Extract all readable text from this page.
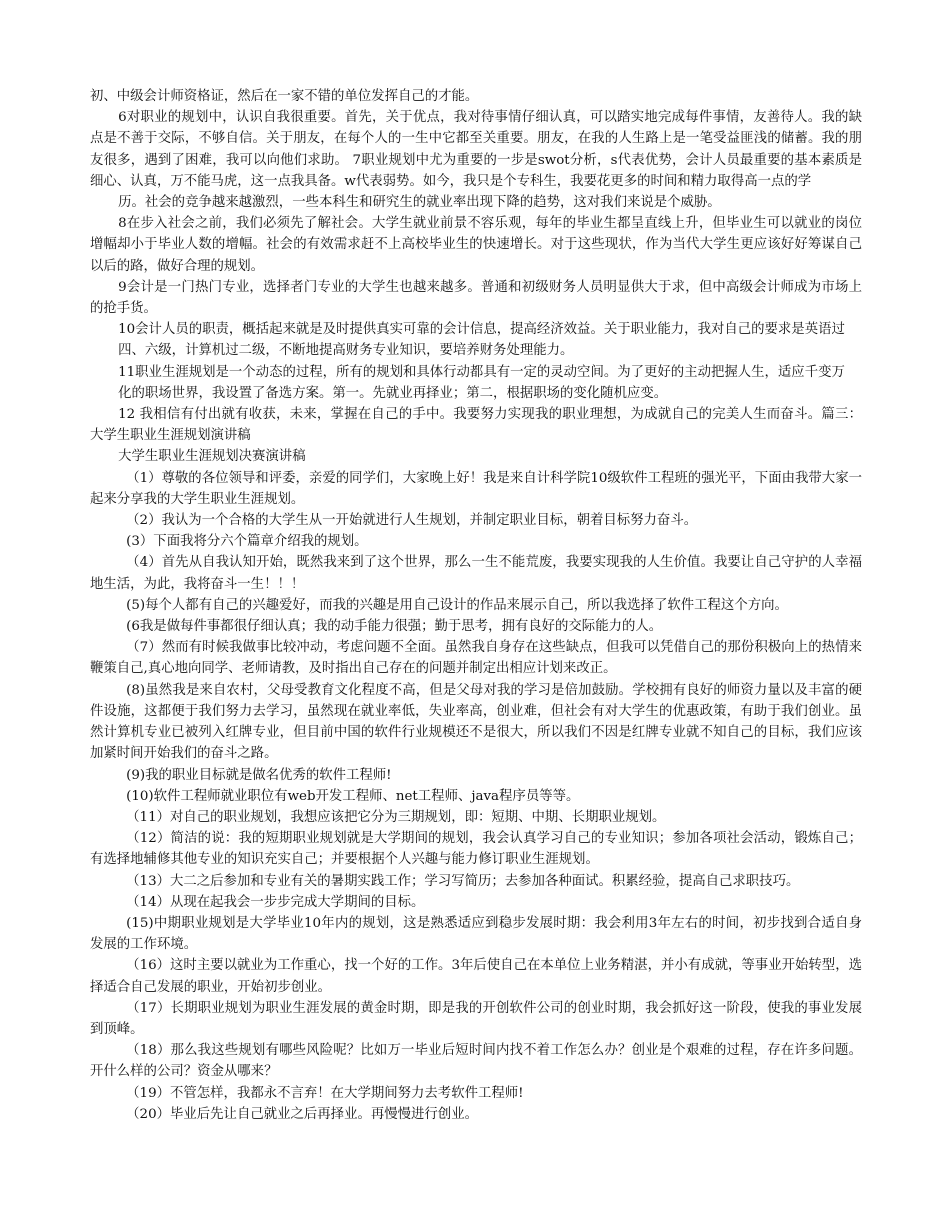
初、中级会计师资格证，然后在一家不错的单位发挥自己的才能。

6对职业的规划中，认识自我很重要。首先，关于优点，我对待事情仔细认真，可以踏实地完成每件事情，友善待人。我的缺点是不善于交际，不够自信。关于朋友，在每个人的一生中它都至关重要。朋友，在我的人生路上是一笔受益匪浅的储蓄。我的朋友很多，遇到了困难，我可以向他们求助。 7职业规划中尤为重要的一步是swot分析，s代表优势，会计人员最重要的基本素质是细心、认真，万不能马虎，这一点我具备。w代表弱势。如今，我只是个专科生，我要花更多的时间和精力取得高一点的学

历。社会的竞争越来越激烈，一些本科生和研究生的就业率出现下降的趋势，这对我们来说是个威胁。

8在步入社会之前，我们必须先了解社会。大学生就业前景不容乐观，每年的毕业生都呈直线上升，但毕业生可以就业的岗位增幅却小于毕业人数的增幅。社会的有效需求赶不上高校毕业生的快速增长。对于这些现状，作为当代大学生更应该好好筹谋自己以后的路，做好合理的规划。

9会计是一门热门专业，选择者门专业的大学生也越来越多。普通和初级财务人员明显供大于求，但中高级会计师成为市场上的抢手货。

10会计人员的职责，概括起来就是及时提供真实可靠的会计信息，提高经济效益。关于职业能力，我对自己的要求是英语过

四、六级，计算机过二级，不断地提高财务专业知识，要培养财务处理能力。

11职业生涯规划是一个动态的过程，所有的规划和具体行动都具有一定的灵动空间。为了更好的主动把握人生，适应千变万

化的职场世界，我设置了备选方案。第一。先就业再择业；第二，根据职场的变化随机应变。

12 我相信有付出就有收获，未来，掌握在自己的手中。我要努力实现我的职业理想，为成就自己的完美人生而奋斗。篇三：大学生职业生涯规划演讲稿

大学生职业生涯规划决赛演讲稿

（1）尊敬的各位领导和评委，亲爱的同学们，大家晚上好！我是来自计科学院10级软件工程班的强光平，下面由我带大家一起来分享我的大学生职业生涯规划。

（2）我认为一个合格的大学生从一开始就进行人生规划，并制定职业目标，朝着目标努力奋斗。

(3）下面我将分六个篇章介绍我的规划。

（4）首先从自我认知开始，既然我来到了这个世界，那么一生不能荒废，我要实现我的人生价值。我要让自己守护的人幸福地生活，为此，我将奋斗一生！！！

(5)每个人都有自己的兴趣爱好，而我的兴趣是用自己设计的作品来展示自己，所以我选择了软件工程这个方向。

(6我是做每件事都很仔细认真；我的动手能力很强；勤于思考，拥有良好的交际能力的人。

（7）然而有时候我做事比较冲动，考虑问题不全面。虽然我自身存在这些缺点，但我可以凭借自己的那份积极向上的热情来鞭策自己,真心地向同学、老师请教，及时指出自己存在的问题并制定出相应计划来改正。

(8)虽然我是来自农村，父母受教育文化程度不高，但是父母对我的学习是倍加鼓励。学校拥有良好的师资力量以及丰富的硬件设施，这都便于我们努力去学习，虽然现在就业率低，失业率高，创业难，但社会有对大学生的优惠政策，有助于我们创业。虽然计算机专业已被列入红牌专业，但目前中国的软件行业规模还不是很大，所以我们不因是红牌专业就不知自己的目标，我们应该加紧时间开始我们的奋斗之路。

(9)我的职业目标就是做名优秀的软件工程师!

(10)软件工程师就业职位有web开发工程师、net工程师、java程序员等等。

（11）对自己的职业规划，我想应该把它分为三期规划，即：短期、中期、长期职业规划。

（12）简洁的说：我的短期职业规划就是大学期间的规划，我会认真学习自己的专业知识；参加各项社会活动，锻炼自己；有选择地辅修其他专业的知识充实自己；并要根据个人兴趣与能力修订职业生涯规划。

（13）大二之后参加和专业有关的暑期实践工作；学习写简历；去参加各种面试。积累经验，提高自己求职技巧。

（14）从现在起我会一步步完成大学期间的目标。

(15)中期职业规划是大学毕业10年内的规划，这是熟悉适应到稳步发展时期：我会利用3年左右的时间，初步找到合适自身发展的工作环境。

（16）这时主要以就业为工作重心，找一个好的工作。3年后使自己在本单位上业务精湛，并小有成就，等事业开始转型，选择适合自己发展的职业，开始初步创业。

（17）长期职业规划为职业生涯发展的黄金时期，即是我的开创软件公司的创业时期，我会抓好这一阶段，使我的事业发展到顶峰。

（18）那么我这些规划有哪些风险呢？比如万一毕业后短时间内找不着工作怎么办？创业是个艰难的过程，存在许多问题。开什么样的公司？资金从哪来？

（19）不管怎样，我都永不言弃！在大学期间努力去考软件工程师!

（20）毕业后先让自己就业之后再择业。再慢慢进行创业。
